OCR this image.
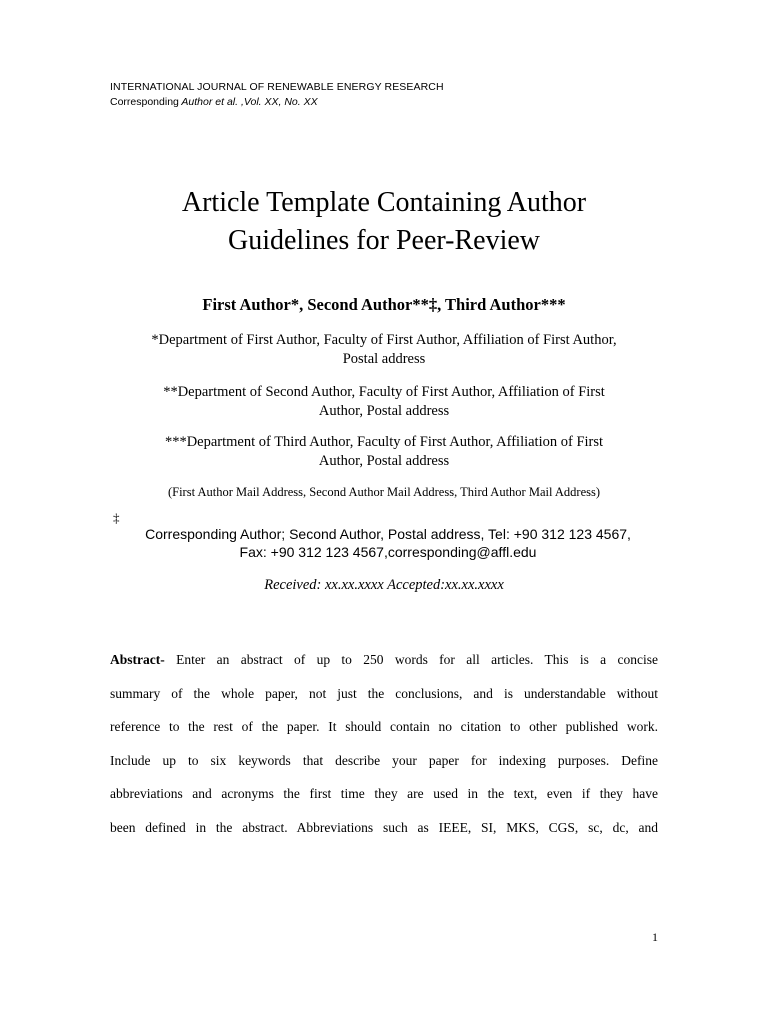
INTERNATIONAL JOURNAL OF RENEWABLE ENERGY RESEARCH
Corresponding Author et al. ,Vol. XX, No. XX
Article Template Containing Author
Guidelines for Peer-Review
First Author*, Second Author**‡, Third Author***
*Department of First Author, Faculty of First Author, Affiliation of First Author,
Postal address
**Department of Second Author, Faculty of First Author, Affiliation of First
Author, Postal address
***Department of Third Author, Faculty of First Author, Affiliation of First
Author, Postal address
(First Author Mail Address, Second Author Mail Address, Third Author Mail Address)
‡
Corresponding Author; Second Author, Postal address, Tel: +90 312 123 4567,
Fax: +90 312 123 4567,corresponding@affl.edu
Received: xx.xx.xxxx Accepted:xx.xx.xxxx
Abstract- Enter an abstract of up to 250 words for all articles. This is a concise
summary of the whole paper, not just the conclusions, and is understandable without
reference to the rest of the paper. It should contain no citation to other published work.
Include up to six keywords that describe your paper for indexing purposes. Define
abbreviations and acronyms the first time they are used in the text, even if they have
been defined in the abstract. Abbreviations such as IEEE, SI, MKS, CGS, sc, dc, and
1
